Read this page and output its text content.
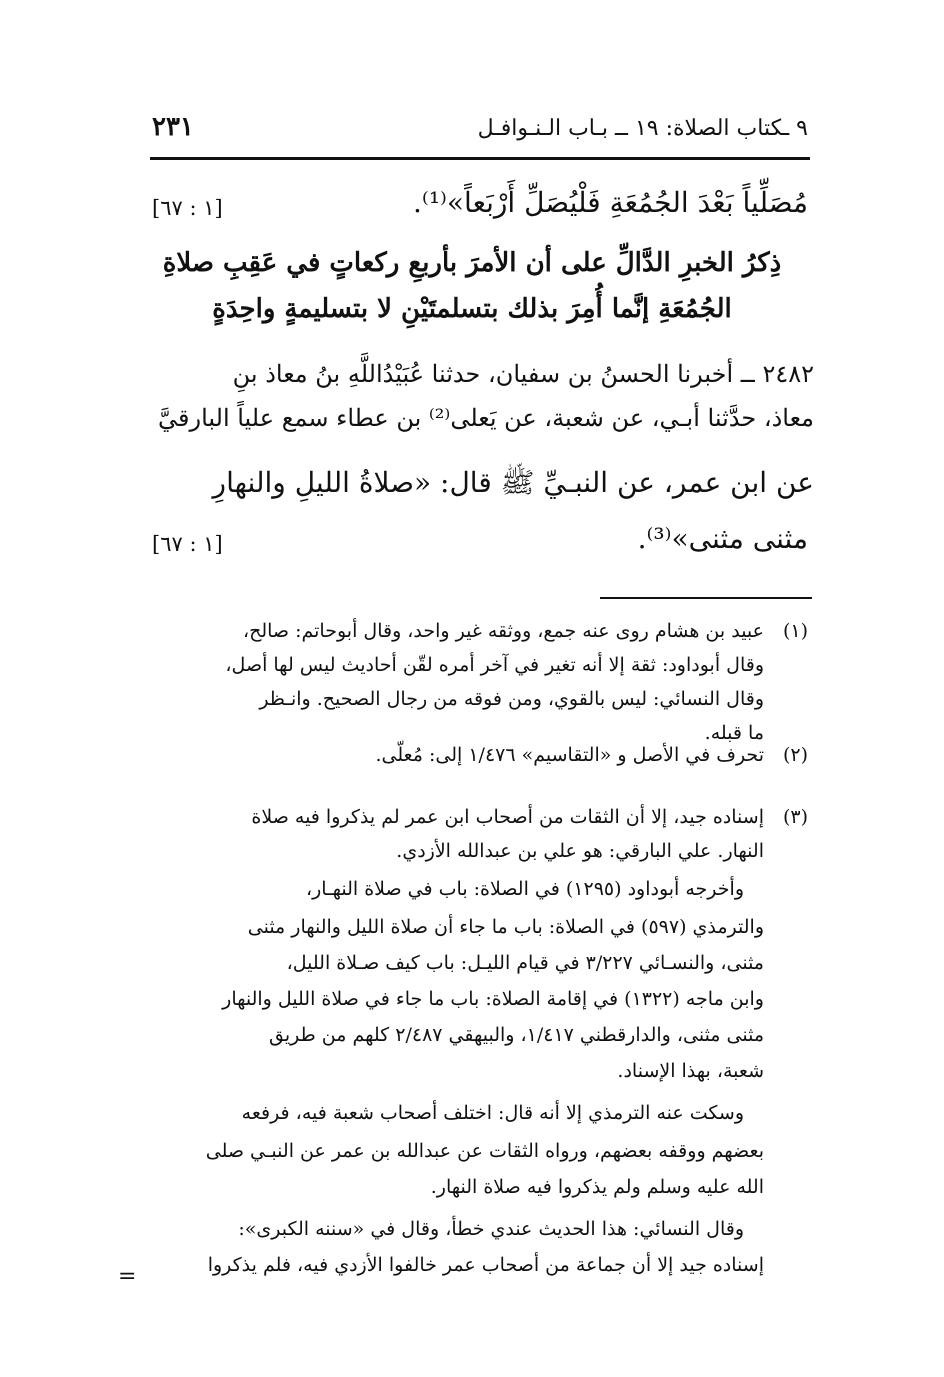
٩ ـكتاب الصلاة: ١٩ ــ بـاب الـنـوافـل
٢٣١
مُصَلِّياً بَعْدَ الجُمُعَةِ فَلْيُصَلِّ أَرْبَعاً»⁽¹⁾.
[١ : ٦٧]
ذِكرُ الخبرِ الدَّالِّ على أن الأمرَ بأربعِ ركعاتٍ في عَقِبِ صلاةِ
الجُمُعَةِ إنَّما أُمِرَ بذلك بتسلمتَيْنِ لا بتسليمةٍ واحِدَةٍ
٢٤٨٢ ــ أخبرنا الحسنُ بن سفيان، حدثنا عُبَيْدُاللَّهِ بنُ معاذ بنِ
معاذ، حدَّثنا أبـي، عن شعبة، عن يَعلى⁽²⁾ بن عطاء سمع علياً البارقيَّ
عن ابن عمر، عن النبـيِّ ﷺ قال: «صلاةُ الليلِ والنهارِ
مثنى مثنى»⁽³⁾.
[١ : ٦٧]
(١)
(٢)
(٣)
عبيد بن هشام روى عنه جمع، ووثقه غير واحد، وقال أبوحاتم: صالح،
وقال أبوداود: ثقة إلا أنه تغير في آخر أمره لقّن أحاديث ليس لها أصل،
وقال النسائي: ليس بالقوي، ومن فوقه من رجال الصحيح. وانـظر
ما قبله.
تحرف في الأصل و «التقاسيم» ١/٤٧٦ إلى: مُعلّى.
إسناده جيد، إلا أن الثقات من أصحاب ابن عمر لم يذكروا فيه صلاة
النهار. علي البارقي: هو علي بن عبدالله الأزدي.
وأخرجه أبوداود (١٢٩٥) في الصلاة: باب في صلاة النهـار،
والترمذي (٥٩٧) في الصلاة: باب ما جاء أن صلاة الليل والنهار مثنى
مثنى، والنسـائي ٣/٢٢٧ في قيام الليـل: باب كيف صـلاة الليل،
وابن ماجه (١٣٢٢) في إقامة الصلاة: باب ما جاء في صلاة الليل والنهار
مثنى مثنى، والدارقطني ١/٤١٧، والبيهقي ٢/٤٨٧ كلهم من طريق
شعبة، بهذا الإسناد.
وسكت عنه الترمذي إلا أنه قال: اختلف أصحاب شعبة فيه، فرفعه
بعضهم ووقفه بعضهم، ورواه الثقات عن عبدالله بن عمر عن النبـي صلى
الله عليه وسلم ولم يذكروا فيه صلاة النهار.
وقال النسائي: هذا الحديث عندي خطأ، وقال في «سننه الكبرى»:
إسناده جيد إلا أن جماعة من أصحاب عمر خالفوا الأزدي فيه، فلم يذكروا
=
